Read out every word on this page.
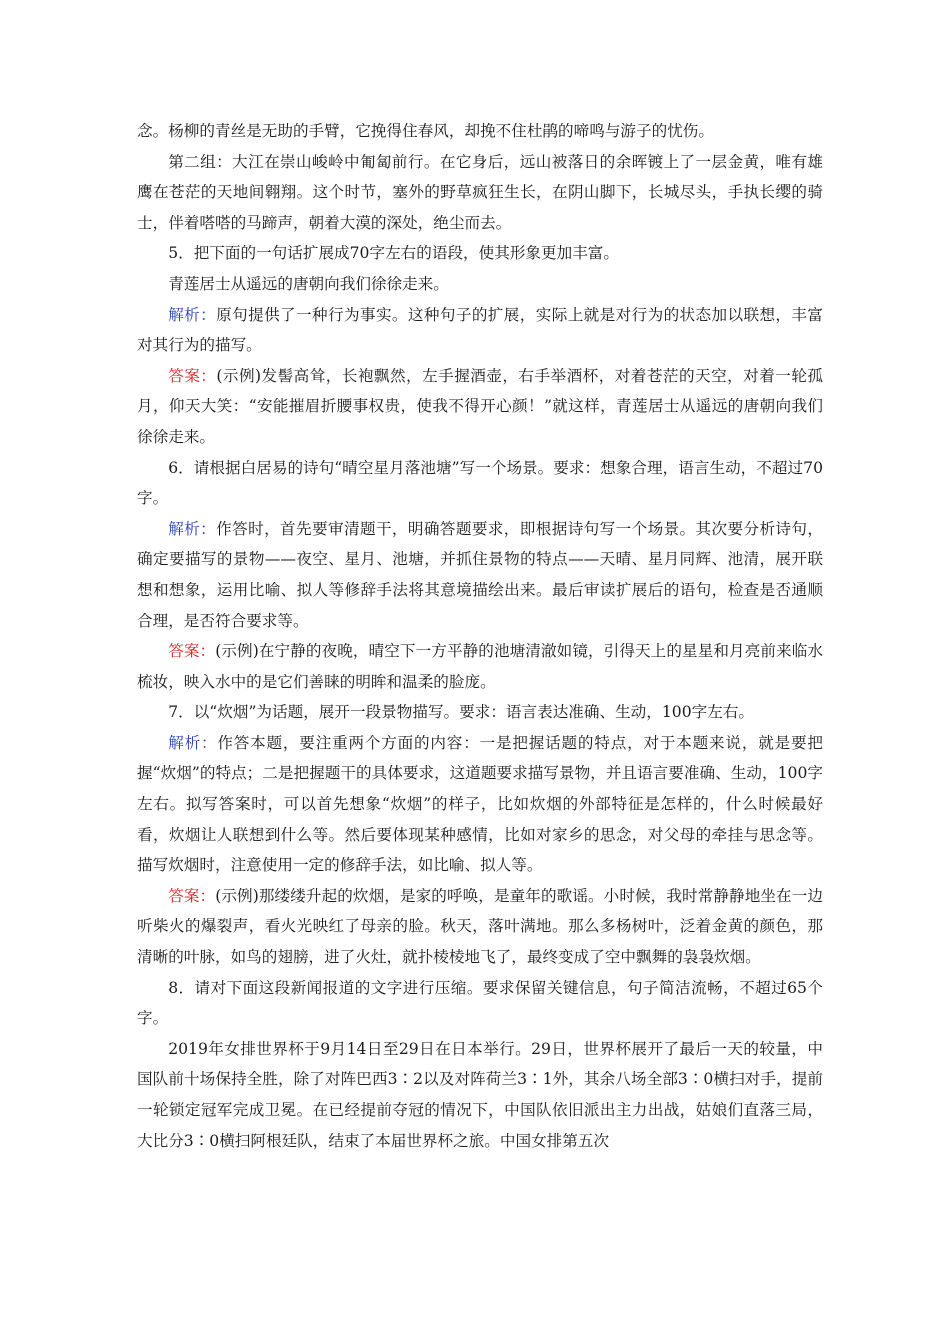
念。杨柳的青丝是无助的手臂，它挽得住春风，却挽不住杜鹃的啼鸣与游子的忧伤。

第二组：大江在崇山峻岭中匍匐前行。在它身后，远山被落日的余晖镀上了一层金黄，唯有雄鹰在苍茫的天地间翱翔。这个时节，塞外的野草疯狂生长，在阴山脚下，长城尽头，手执长缨的骑士，伴着嗒嗒的马蹄声，朝着大漠的深处，绝尘而去。

5．把下面的一句话扩展成70字左右的语段，使其形象更加丰富。

青莲居士从遥远的唐朝向我们徐徐走来。

解析：原句提供了一种行为事实。这种句子的扩展，实际上就是对行为的状态加以联想，丰富对其行为的描写。

答案：(示例)发髻高耸，长袍飘然，左手握酒壶，右手举酒杯，对着苍茫的天空，对着一轮孤月，仰天大笑：“安能摧眉折腰事权贵，使我不得开心颜！”就这样，青莲居士从遥远的唐朝向我们徐徐走来。

6．请根据白居易的诗句“晴空星月落池塘”写一个场景。要求：想象合理，语言生动，不超过70字。

解析：作答时，首先要审清题干，明确答题要求，即根据诗句写一个场景。其次要分析诗句，确定要描写的景物——夜空、星月、池塘，并抓住景物的特点——天晴、星月同辉、池清，展开联想和想象，运用比喻、拟人等修辞手法将其意境描绘出来。最后审读扩展后的语句，检查是否通顺合理，是否符合要求等。

答案：(示例)在宁静的夜晚，晴空下一方平静的池塘清澈如镜，引得天上的星星和月亮前来临水梳妆，映入水中的是它们善睐的明眸和温柔的脸庞。

7．以“炊烟”为话题，展开一段景物描写。要求：语言表达准确、生动，100字左右。

解析：作答本题，要注重两个方面的内容：一是把握话题的特点，对于本题来说，就是要把握“炊烟”的特点；二是把握题干的具体要求，这道题要求描写景物，并且语言要准确、生动，100字左右。拟写答案时，可以首先想象“炊烟”的样子，比如炊烟的外部特征是怎样的，什么时候最好看，炊烟让人联想到什么等。然后要体现某种感情，比如对家乡的思念，对父母的牵挂与思念等。描写炊烟时，注意使用一定的修辞手法，如比喻、拟人等。

答案：(示例)那缕缕升起的炊烟，是家的呼唤，是童年的歌谣。小时候，我时常静静地坐在一边听柴火的爆裂声，看火光映红了母亲的脸。秋天，落叶满地。那么多杨树叶，泛着金黄的颜色，那清晰的叶脉，如鸟的翅膀，进了火灶，就扑棱棱地飞了，最终变成了空中飘舞的袅袅炊烟。

8．请对下面这段新闻报道的文字进行压缩。要求保留关键信息，句子简洁流畅，不超过65个字。

2019年女排世界杯于9月14日至29日在日本举行。29日，世界杯展开了最后一天的较量，中国队前十场保持全胜，除了对阵巴西3∶2以及对阵荷兰3∶1外，其余八场全部3∶0横扫对手，提前一轮锁定冠军完成卫冕。在已经提前夺冠的情况下，中国队依旧派出主力出战，姑娘们直落三局，大比分3∶0横扫阿根廷队，结束了本届世界杯之旅。中国女排第五次
